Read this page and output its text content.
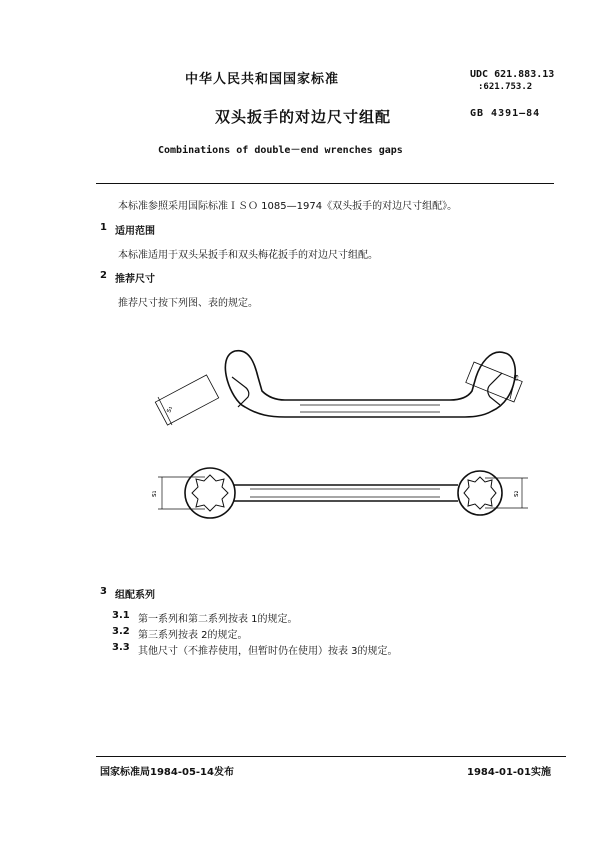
中华人民共和国国家标准	UDC 621.883.13
:621.753.2
双头扳手的对边尺寸组配	GB 4391—84
Combinations of double－end wrenches gaps
本标准参照采用国际标准ＩＳＯ 1085—1974《双头扳手的对边尺寸组配》。
1 适用范围
本标准适用于双头呆扳手和双头梅花扳手的对边尺寸组配。
2 推荐尺寸
推荐尺寸按下列图、表的规定。
s₁
s₂
s₁	s₂
3 组配系列
3.1 第一系列和第二系列按表 1的规定。
3.2 第三系列按表 2的规定。
3.3 其他尺寸（不推荐使用，但暂时仍在使用）按表 3的规定。
国家标准局1984-05-14发布	1984-01-01实施
